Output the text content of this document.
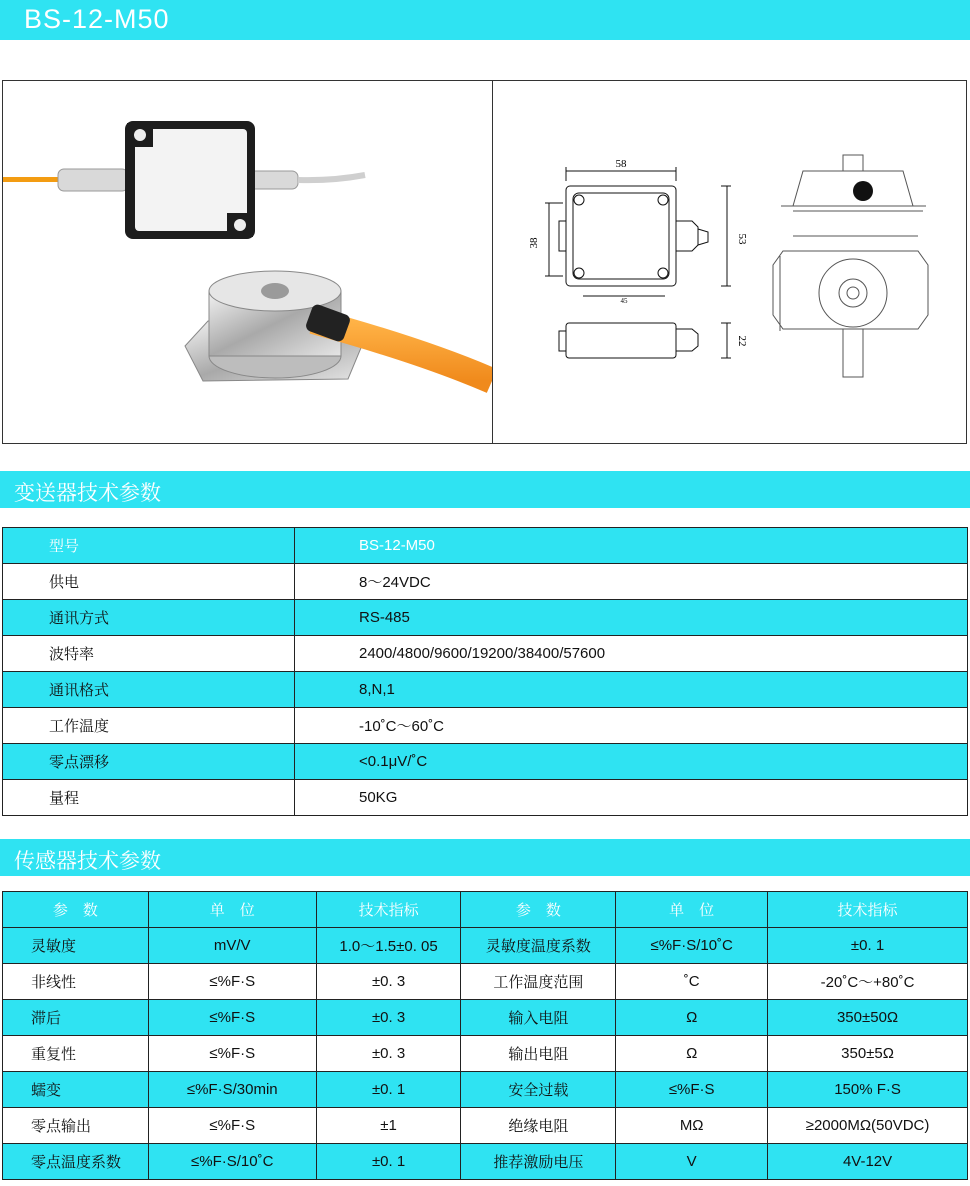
BS-12-M50
58
38	53
45
22
变送器技术参数
型号	BS-12-M50
供电	8～24VDC
通讯方式	RS-485
波特率	2400/4800/9600/19200/38400/57600
通讯格式	8,N,1
工作温度	-10˚C～60˚C
零点漂移	<0.1μV/˚C
量程	50KG
传感器技术参数
参　数	单　位	技术指标	参　数	单　位	技术指标
灵敏度	mV/V	1.0～1.5±0. 05	灵敏度温度系数	≤%F·S/10˚C	±0. 1
非线性	≤%F·S	±0. 3	工作温度范围	˚C	-20˚C～+80˚C
滞后	≤%F·S	±0. 3	输入电阻	Ω	350±50Ω
重复性	≤%F·S	±0. 3	输出电阻	Ω	350±5Ω
蠕变	≤%F·S/30min	±0. 1	安全过载	≤%F·S	150% F·S
零点输出	≤%F·S	±1	绝缘电阻	MΩ	≥2000MΩ(50VDC)
零点温度系数	≤%F·S/10˚C	±0. 1	推荐激励电压	V	4V-12V
